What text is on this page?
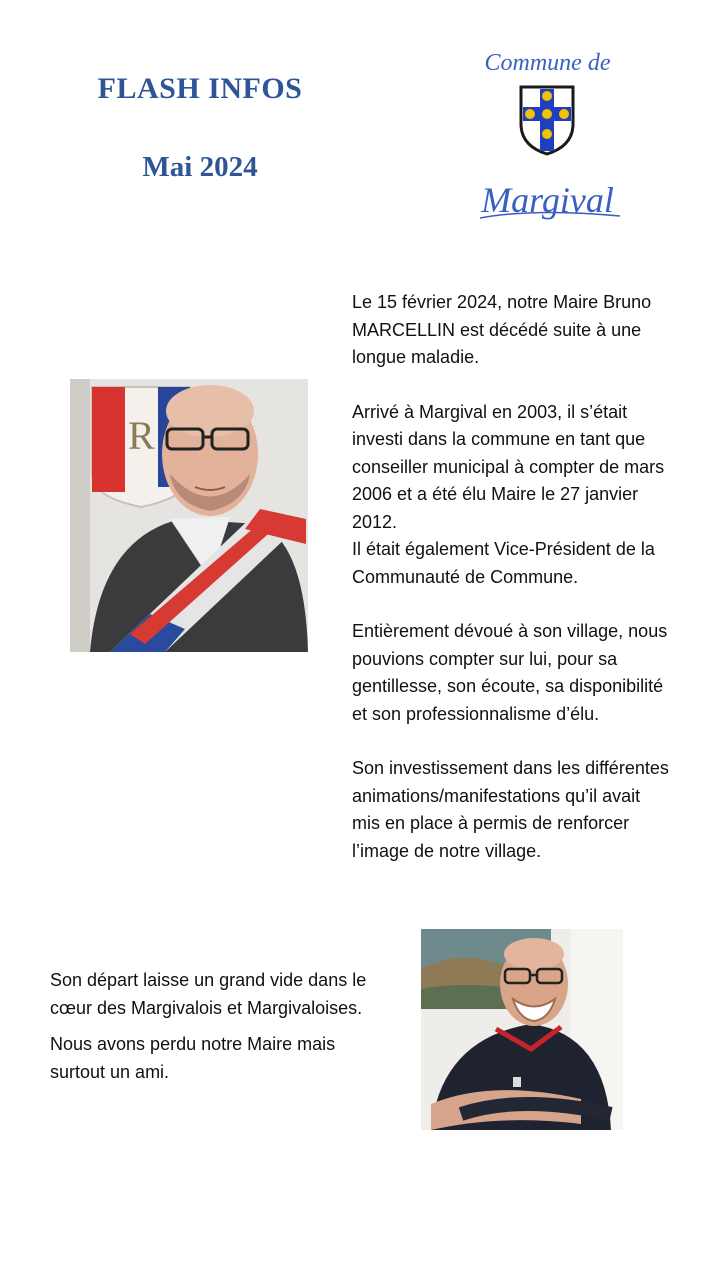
FLASH INFOS
Mai 2024
Commune de
Margival
R

Le 15 février 2024, notre Maire Bruno
MARCELLIN est décédé suite à une
longue maladie.

Arrivé à Margival en 2003, il s’était
investi dans la commune en tant que
conseiller municipal à compter de mars
2006 et a été élu Maire le 27 janvier
2012.
Il était également Vice-Président de la
Communauté de Commune.

Entièrement dévoué à son village, nous
pouvions compter sur lui, pour sa
gentillesse, son écoute, sa disponibilité
et son professionnalisme d’élu.

Son investissement dans les différentes
animations/manifestations qu’il avait
mis en place à permis de renforcer
l’image de notre village.

Son départ laisse un grand vide dans le
cœur des Margivalois et Margivaloises.

Nous avons perdu notre Maire mais
surtout un ami.
